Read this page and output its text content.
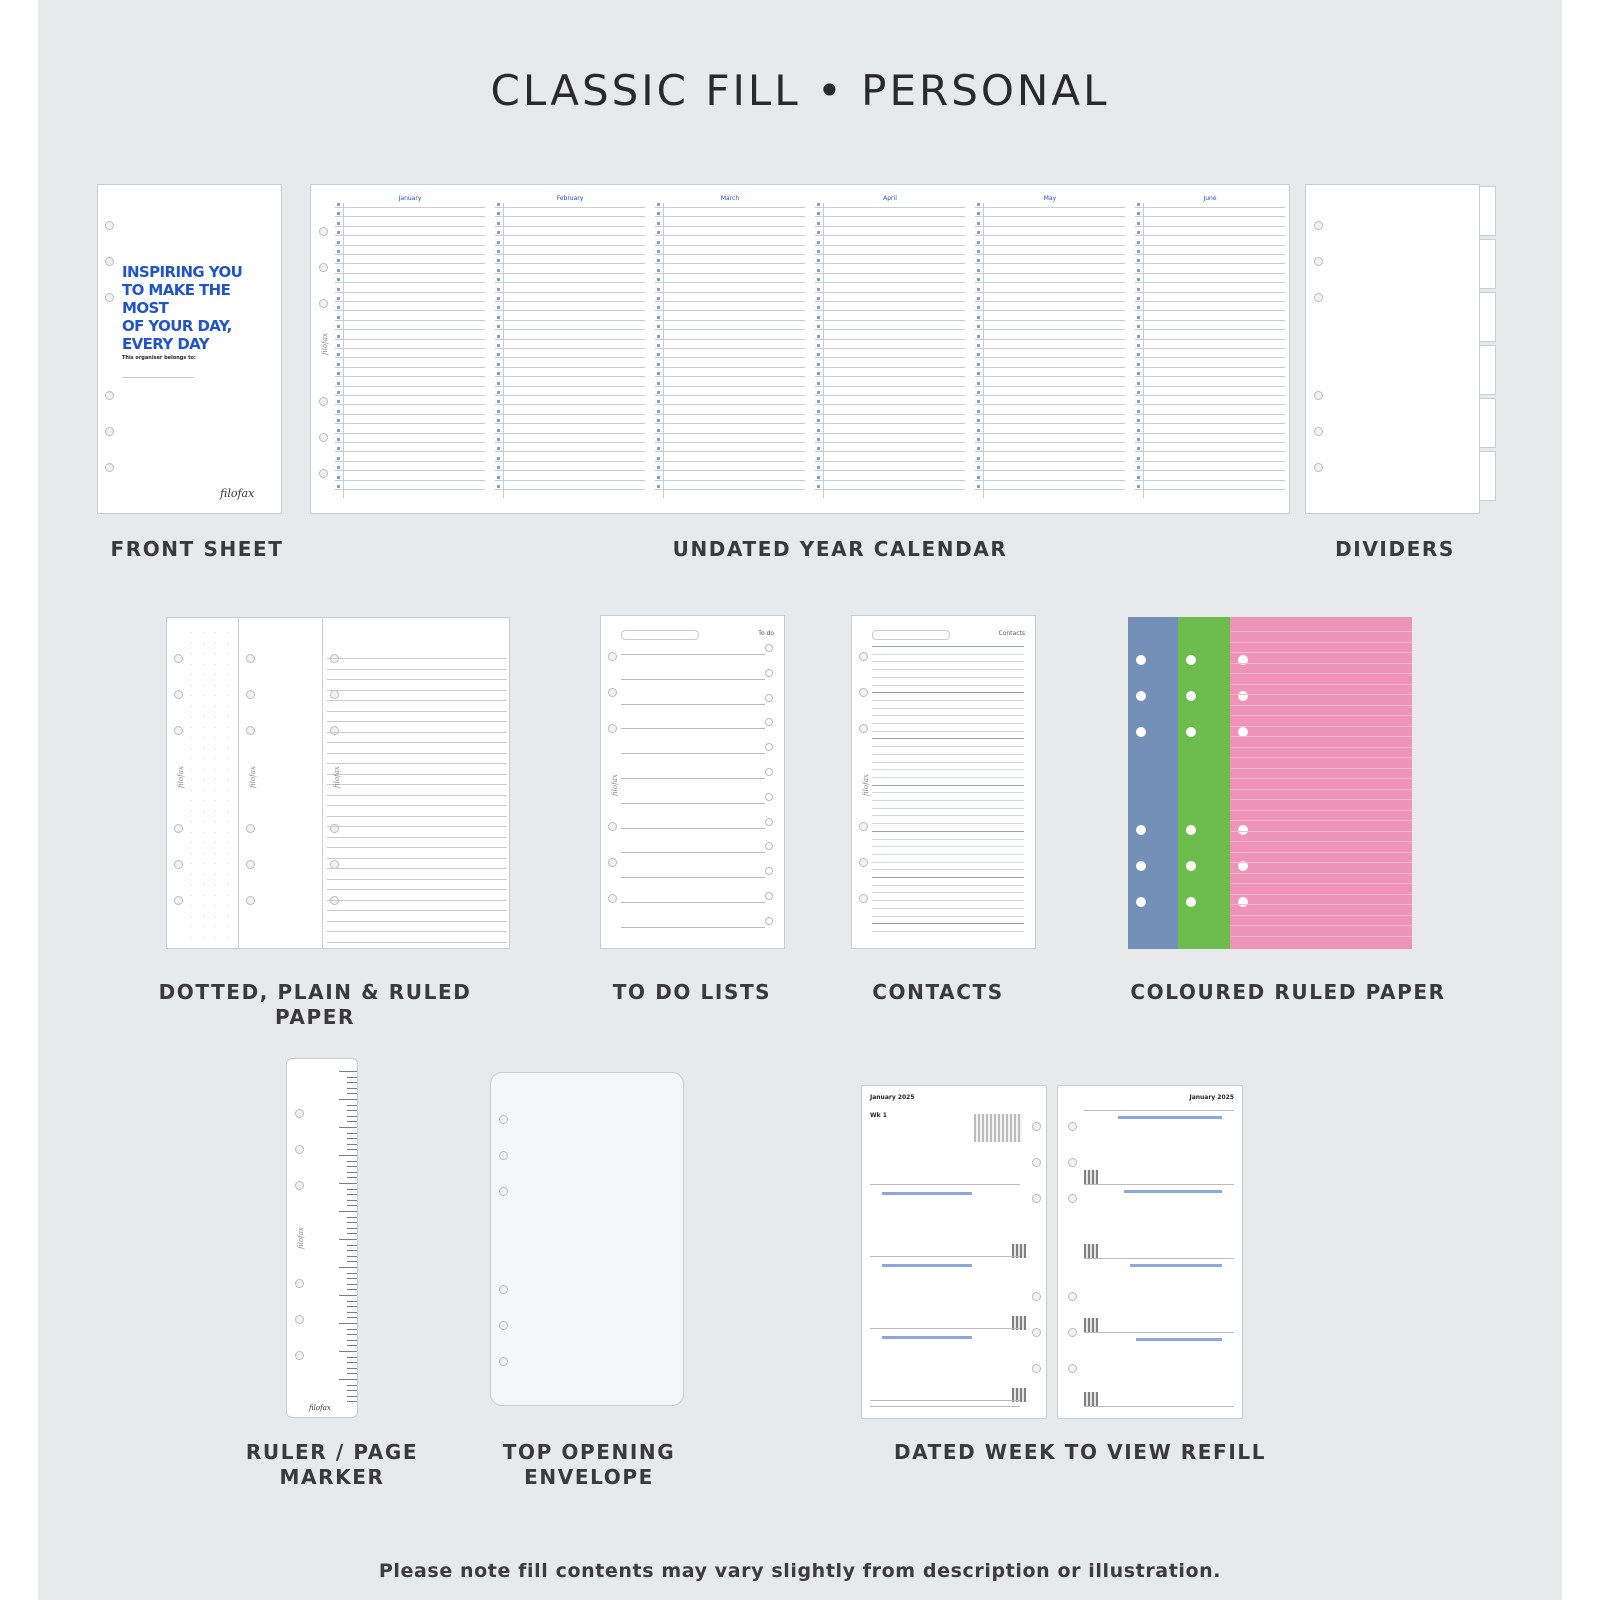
CLASSIC FILL • PERSONAL
INSPIRING YOU
TO MAKE THE MOST
OF YOUR DAY,
EVERY DAY
This organiser belongs to:
filofax
FRONT SHEET
January	February	March	April	May	June
filofax
UNDATED YEAR CALENDAR	DIVIDERS
filofax	filofax	filofax
DOTTED, PLAIN & RULED PAPER
To do
filofax
TO DO LISTS
Contacts
filofax
CONTACTS	COLOURED RULED PAPER
filofax
filofax
RULER / PAGE
MARKER
TOP OPENING
ENVELOPE
January 2025
Wk 1
January 2025
DATED WEEK TO VIEW REFILL
Please note fill contents may vary slightly from description or illustration.
